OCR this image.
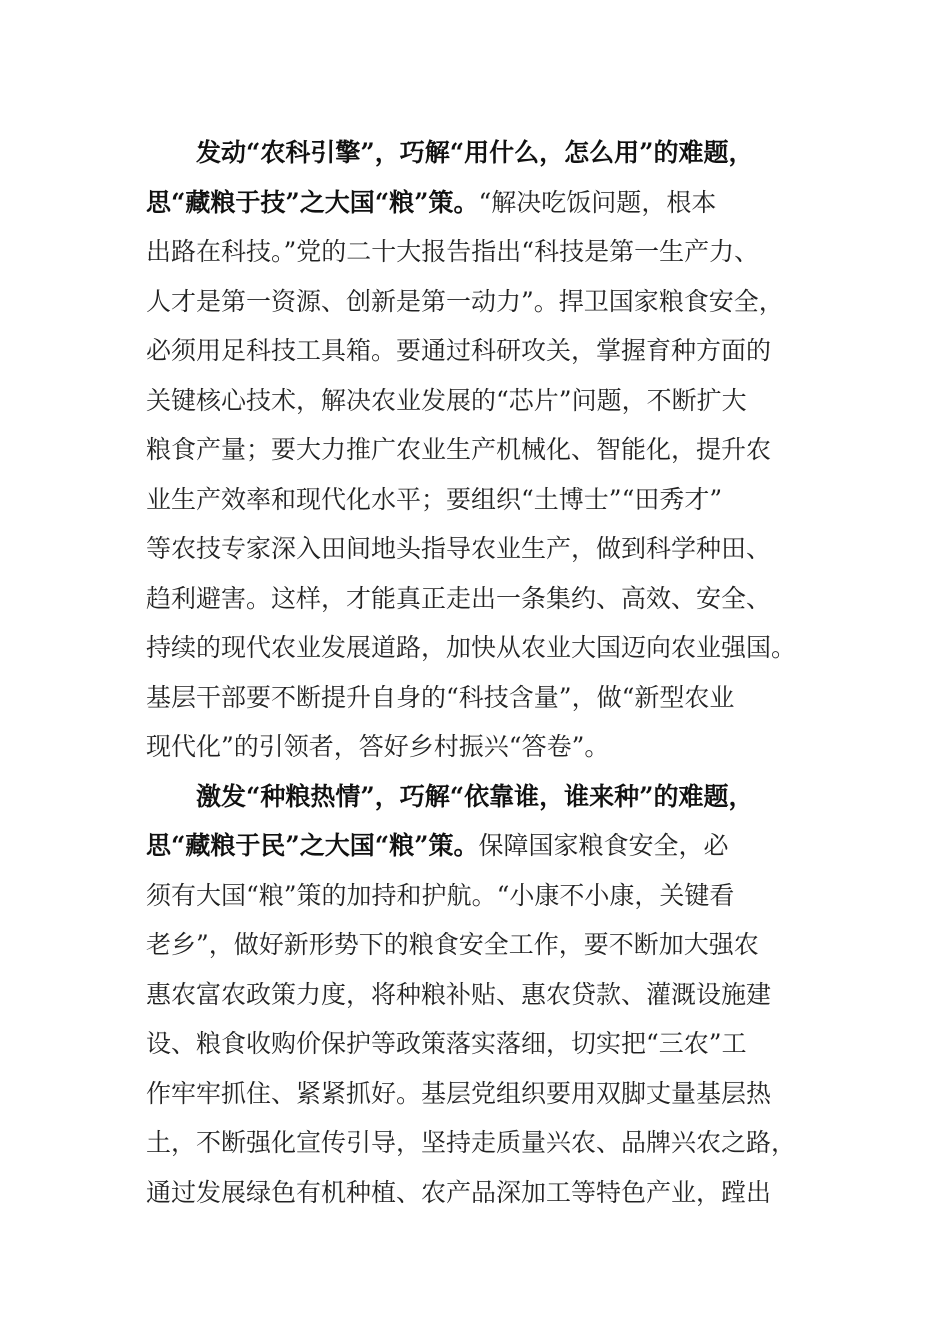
发动“农科引擎”，巧解“用什么，怎么用”的难题，
思“藏粮于技”之大国“粮”策。“解决吃饭问题，根本
出路在科技。”党的二十大报告指出“科技是第一生产力、
人才是第一资源、创新是第一动力”。捍卫国家粮食安全，
必须用足科技工具箱。要通过科研攻关，掌握育种方面的
关键核心技术，解决农业发展的“芯片”问题，不断扩大
粮食产量；要大力推广农业生产机械化、智能化，提升农
业生产效率和现代化水平；要组织“土博士”“田秀才”
等农技专家深入田间地头指导农业生产，做到科学种田、
趋利避害。这样，才能真正走出一条集约、高效、安全、
持续的现代农业发展道路，加快从农业大国迈向农业强国。
基层干部要不断提升自身的“科技含量”，做“新型农业
现代化”的引领者，答好乡村振兴“答卷”。
激发“种粮热情”，巧解“依靠谁，谁来种”的难题，
思“藏粮于民”之大国“粮”策。保障国家粮食安全，必
须有大国“粮”策的加持和护航。“小康不小康，关键看
老乡”，做好新形势下的粮食安全工作，要不断加大强农
惠农富农政策力度，将种粮补贴、惠农贷款、灌溉设施建
设、粮食收购价保护等政策落实落细，切实把“三农”工
作牢牢抓住、紧紧抓好。基层党组织要用双脚丈量基层热
土，不断强化宣传引导，坚持走质量兴农、品牌兴农之路，
通过发展绿色有机种植、农产品深加工等特色产业，蹚出
